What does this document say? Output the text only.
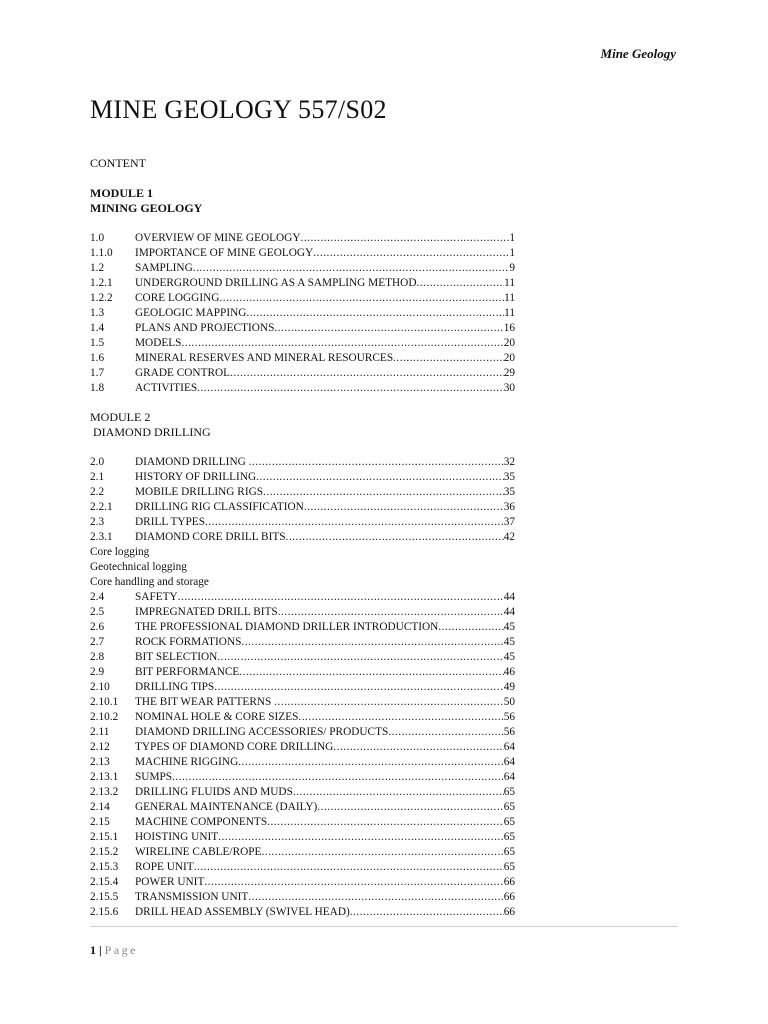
Mine Geology
MINE GEOLOGY 557/S02
CONTENT
MODULE 1
MINING GEOLOGY
1.0	OVERVIEW OF MINE GEOLOGY .....	1
1.1.0	IMPORTANCE OF MINE GEOLOGY .....	1
1.2	SAMPLING .....	9
1.2.1	UNDERGROUND DRILLING AS A SAMPLING METHOD .....	11
1.2.2	CORE LOGGING .....	11
1.3	GEOLOGIC MAPPING .....	11
1.4	PLANS AND PROJECTIONS .....	16
1.5	MODELS .....	20
1.6	MINERAL RESERVES AND MINERAL RESOURCES .....	20
1.7	GRADE CONTROL .....	29
1.8	ACTIVITIES .....	30
MODULE 2
DIAMOND DRILLING
2.0	DIAMOND DRILLING .....	32
2.1	HISTORY OF DRILLING .....	35
2.2	MOBILE DRILLING RIGS .....	35
2.2.1	DRILLING RIG CLASSIFICATION .....	36
2.3	DRILL TYPES .....	37
2.3.1	DIAMOND CORE DRILL BITS .....	42
Core logging
Geotechnical logging
Core handling and storage
2.4	SAFETY .....	44
2.5	IMPREGNATED DRILL BITS .....	44
2.6	THE PROFESSIONAL DIAMOND DRILLER INTRODUCTION .....	45
2.7	ROCK FORMATIONS .....	45
2.8	BIT SELECTION .....	45
2.9	BIT PERFORMANCE .....	46
2.10	DRILLING TIPS .....	49
2.10.1	THE BIT WEAR PATTERNS .....	50
2.10.2	NOMINAL HOLE & CORE SIZES .....	56
2.11	DIAMOND DRILLING ACCESSORIES/ PRODUCTS .....	56
2.12	TYPES OF DIAMOND CORE DRILLING .....	64
2.13	MACHINE RIGGING .....	64
2.13.1	SUMPS .....	64
2.13.2	DRILLING FLUIDS AND MUDS .....	65
2.14	GENERAL MAINTENANCE (DAILY) .....	65
2.15	MACHINE COMPONENTS .....	65
2.15.1	HOISTING UNIT .....	65
2.15.2	WIRELINE CABLE/ROPE .....	65
2.15.3	ROPE UNIT .....	65
2.15.4	POWER UNIT .....	66
2.15.5	TRANSMISSION UNIT .....	66
2.15.6	DRILL HEAD ASSEMBLY (SWIVEL HEAD) .....	66
1 | Page
